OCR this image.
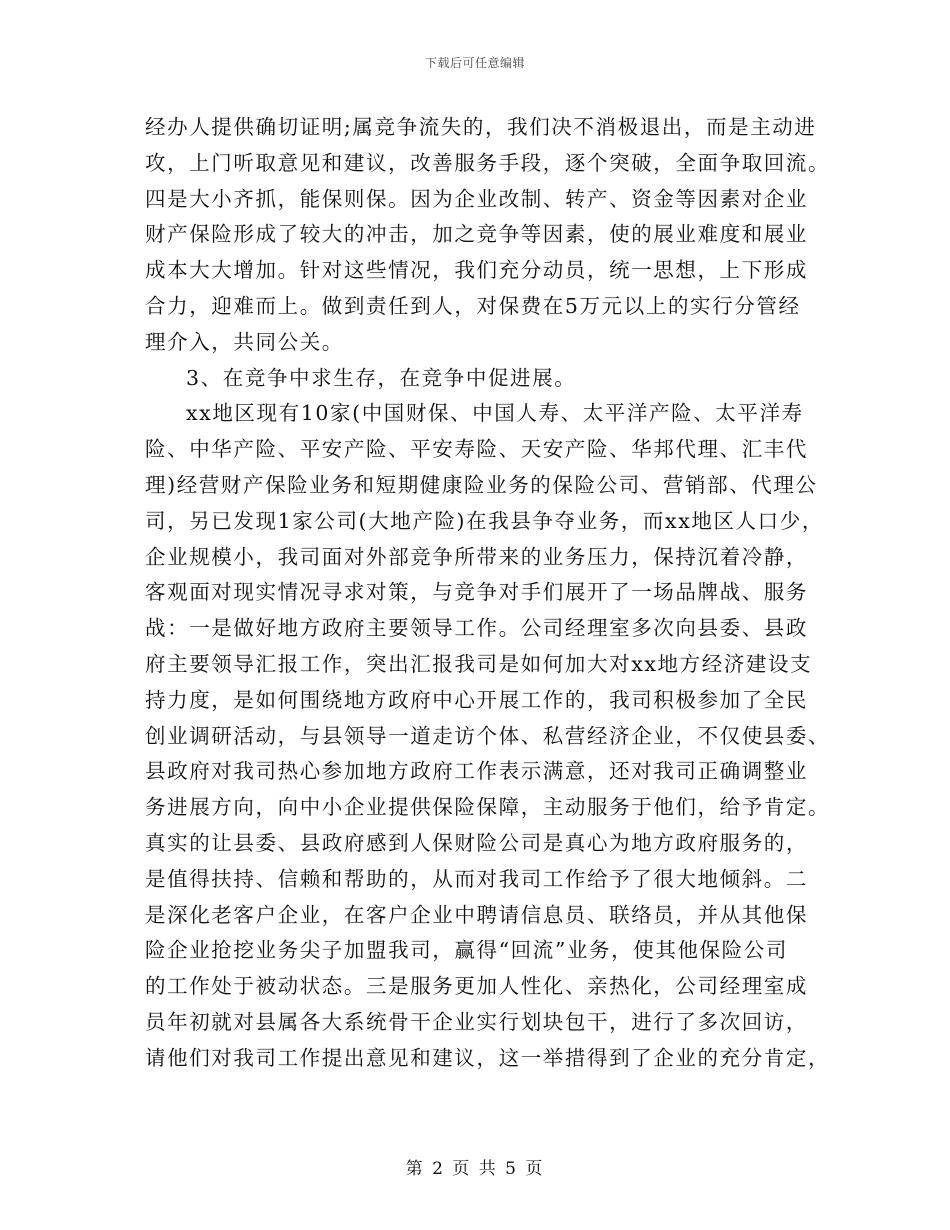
下载后可任意编辑
经办人提供确切证明;属竞争流失的，我们决不消极退出，而是主动进
攻，上门听取意见和建议，改善服务手段，逐个突破，全面争取回流。
四是大小齐抓，能保则保。因为企业改制、转产、资金等因素对企业
财产保险形成了较大的冲击，加之竞争等因素，使的展业难度和展业
成本大大增加。针对这些情况，我们充分动员，统一思想，上下形成
合力，迎难而上。做到责任到人，对保费在5万元以上的实行分管经
理介入，共同公关。
3、在竞争中求生存，在竞争中促进展。
xx地区现有10家(中国财保、中国人寿、太平洋产险、太平洋寿
险、中华产险、平安产险、平安寿险、天安产险、华邦代理、汇丰代
理)经营财产保险业务和短期健康险业务的保险公司、营销部、代理公
司，另已发现1家公司(大地产险)在我县争夺业务，而xx地区人口少，
企业规模小，我司面对外部竞争所带来的业务压力，保持沉着冷静，
客观面对现实情况寻求对策，与竞争对手们展开了一场品牌战、服务
战：一是做好地方政府主要领导工作。公司经理室多次向县委、县政
府主要领导汇报工作，突出汇报我司是如何加大对xx地方经济建设支
持力度，是如何围绕地方政府中心开展工作的，我司积极参加了全民
创业调研活动，与县领导一道走访个体、私营经济企业，不仅使县委、
县政府对我司热心参加地方政府工作表示满意，还对我司正确调整业
务进展方向，向中小企业提供保险保障，主动服务于他们，给予肯定。
真实的让县委、县政府感到人保财险公司是真心为地方政府服务的，
是值得扶持、信赖和帮助的，从而对我司工作给予了很大地倾斜。二
是深化老客户企业，在客户企业中聘请信息员、联络员，并从其他保
险企业抢挖业务尖子加盟我司，赢得“回流”业务，使其他保险公司
的工作处于被动状态。三是服务更加人性化、亲热化，公司经理室成
员年初就对县属各大系统骨干企业实行划块包干，进行了多次回访，
请他们对我司工作提出意见和建议，这一举措得到了企业的充分肯定，
第 2 页 共 5 页
